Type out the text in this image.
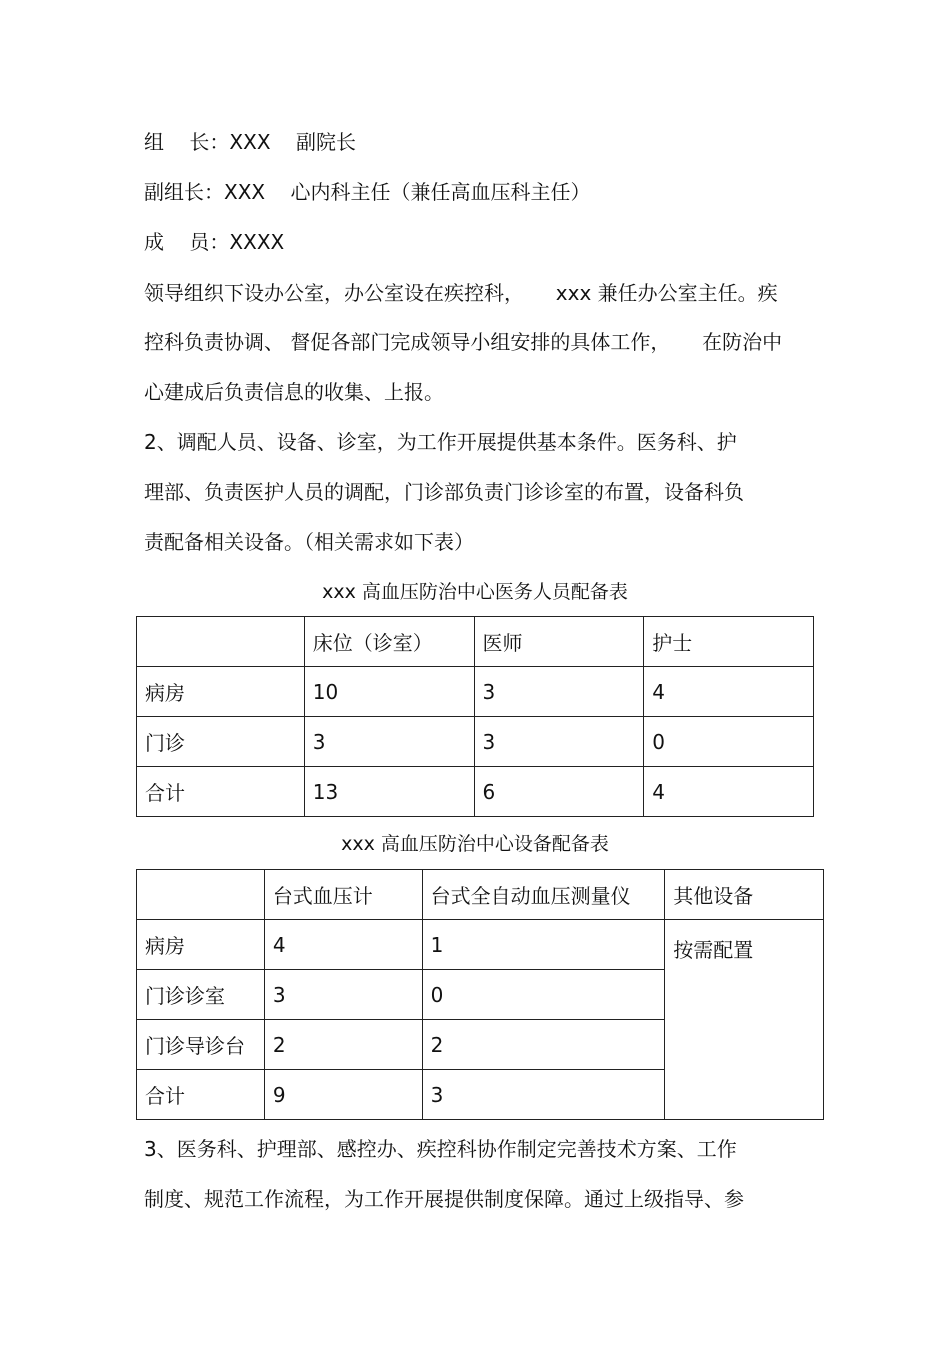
组    长：XXX    副院长
副组长：XXX    心内科主任（兼任高血压科主任）
成    员：XXXX
领导组织下设办公室，办公室设在疾控科，     xxx 兼任办公室主任。疾
控科负责协调、 督促各部门完成领导小组安排的具体工作，     在防治中
心建成后负责信息的收集、上报。
2、调配人员、设备、诊室，为工作开展提供基本条件。医务科、护
理部、负责医护人员的调配，门诊部负责门诊诊室的布置，设备科负
责配备相关设备。（相关需求如下表）
xxx 高血压防治中心医务人员配备表
	床位（诊室）	医师	护士
病房	10	3	4
门诊	3	3	0
合计	13	6	4
xxx 高血压防治中心设备配备表
	台式血压计	台式全自动血压测量仪	其他设备
病房	4	1	按需配置
门诊诊室	3	0	
门诊导诊台	2	2	
合计	9	3	
3、医务科、护理部、感控办、疾控科协作制定完善技术方案、工作
制度、规范工作流程，为工作开展提供制度保障。通过上级指导、参
